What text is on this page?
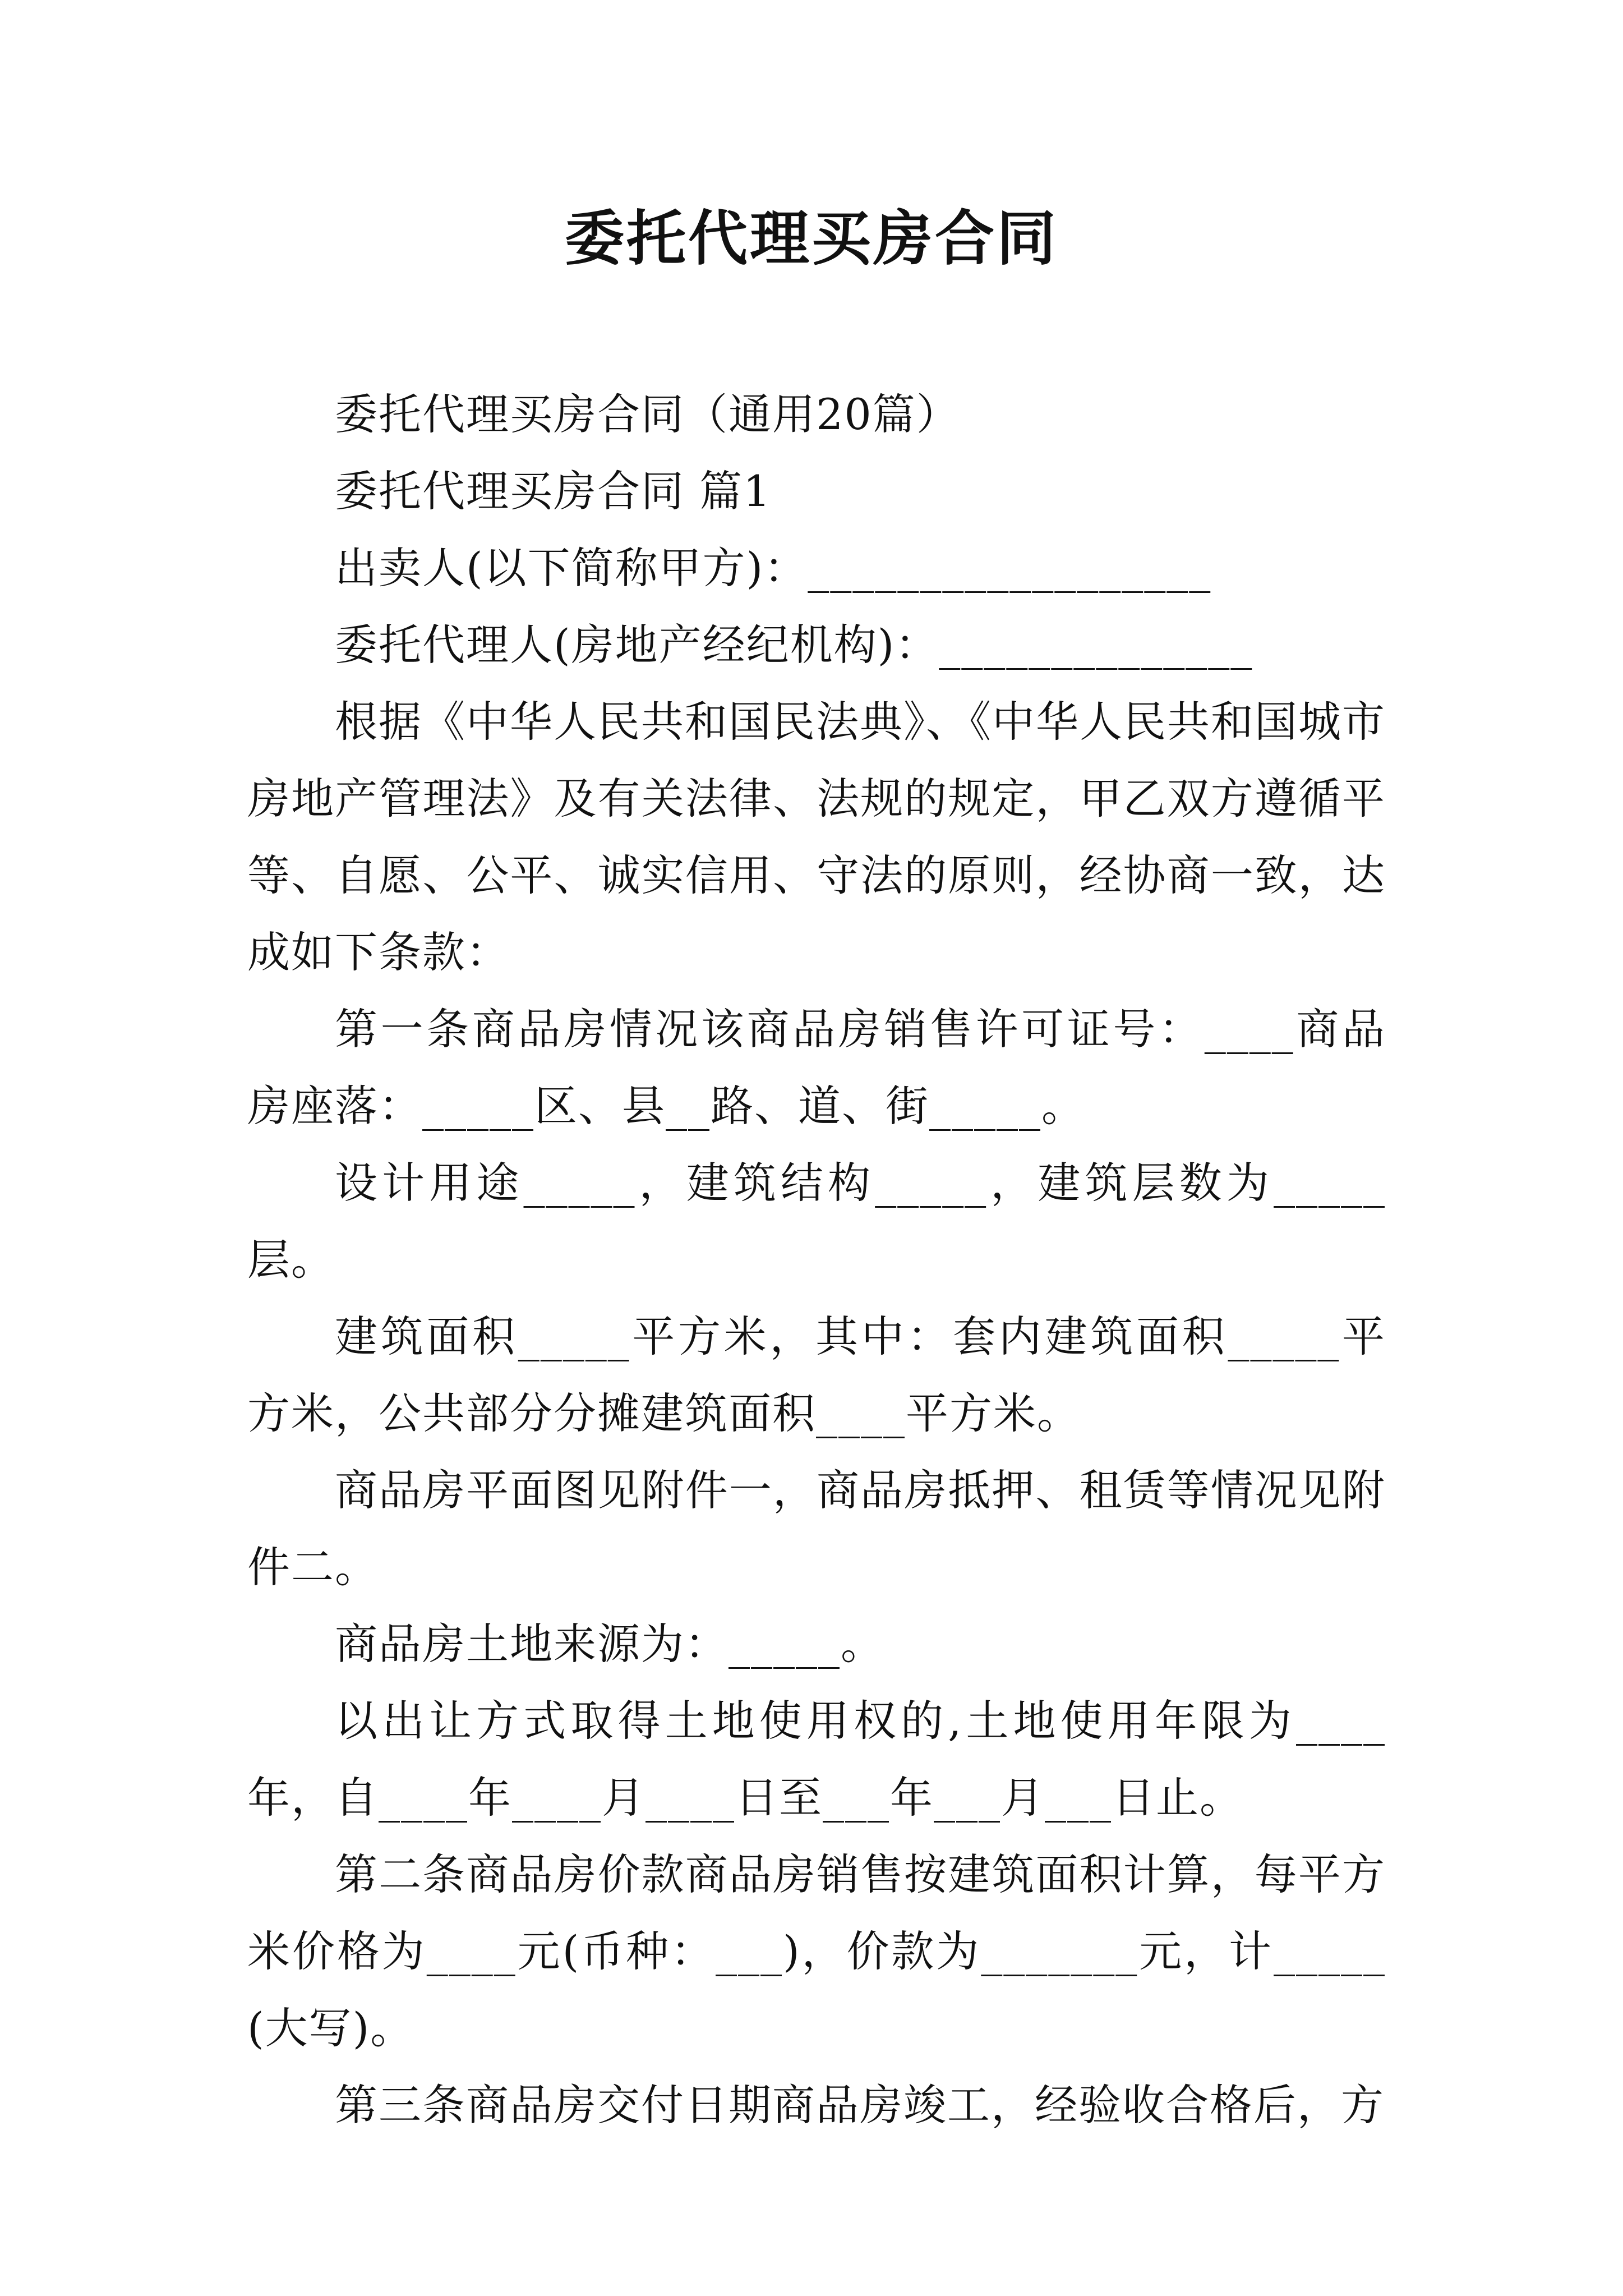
委托代理买房合同

委托代理买房合同（通用20篇）

委托代理买房合同 篇1

出卖人(以下简称甲方)：__________________

委托代理人(房地产经纪机构)：______________

根据《中华人民共和国民法典》、《中华人民共和国城市房地产管理法》及有关法律、法规的规定，甲乙双方遵循平等、自愿、公平、诚实信用、守法的原则，经协商一致，达成如下条款：

第一条商品房情况该商品房销售许可证号：____商品房座落：_____区、县__路、道、街_____。

设计用途_____，建筑结构_____，建筑层数为_____层。

建筑面积_____平方米，其中：套内建筑面积_____平方米，公共部分分摊建筑面积____平方米。

商品房平面图见附件一，商品房抵押、租赁等情况见附件二。

商品房土地来源为：_____。

以出让方式取得土地使用权的,土地使用年限为____年，自____年____月____日至___年___月___日止。

第二条商品房价款商品房销售按建筑面积计算，每平方米价格为____元(币种：___)，价款为_______元，计_____(大写)。

第三条商品房交付日期商品房竣工，经验收合格后，方
